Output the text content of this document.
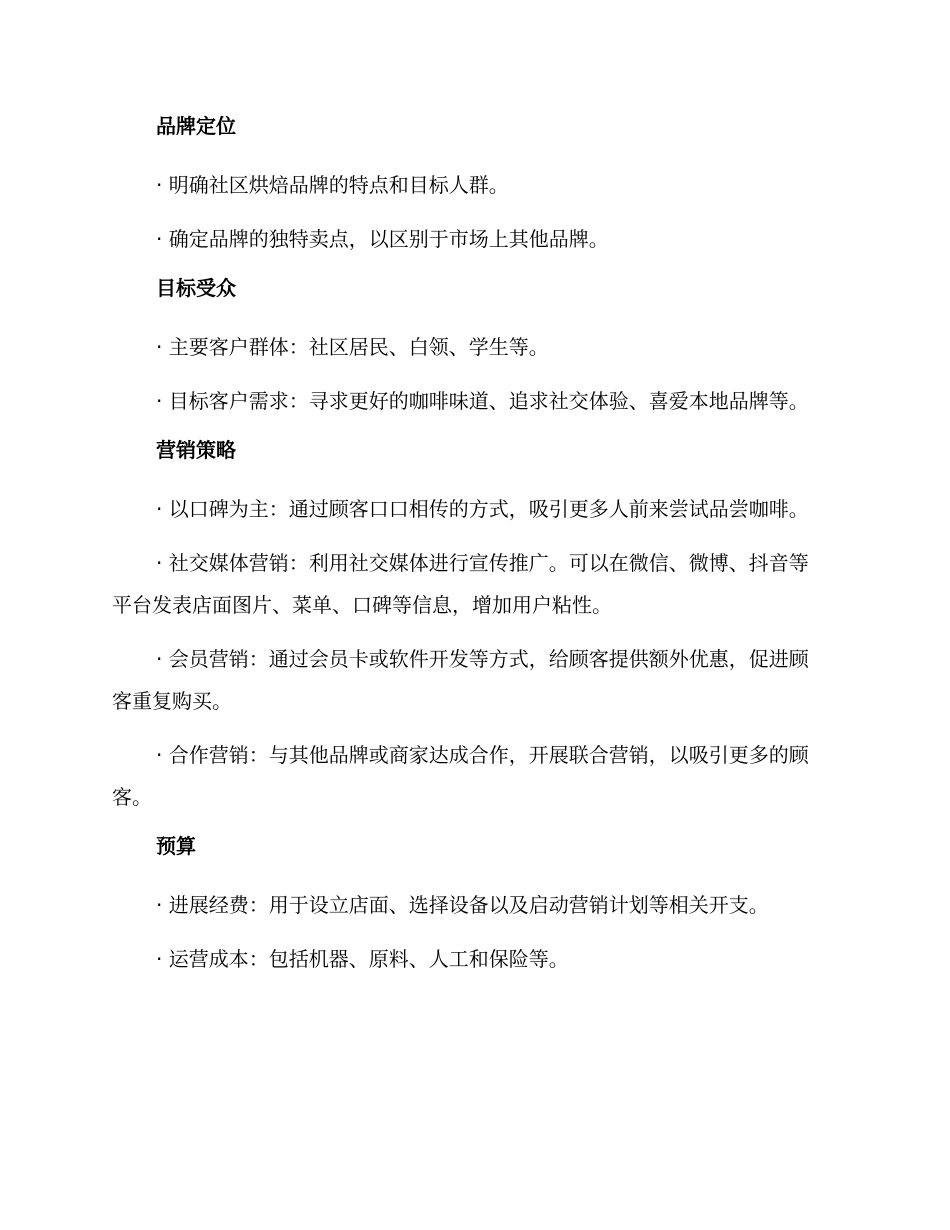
品牌定位

· 明确社区烘焙品牌的特点和目标人群。

· 确定品牌的独特卖点，以区别于市场上其他品牌。

目标受众

· 主要客户群体：社区居民、白领、学生等。

· 目标客户需求：寻求更好的咖啡味道、追求社交体验、喜爱本地品牌等。

营销策略

· 以口碑为主：通过顾客口口相传的方式，吸引更多人前来尝试品尝咖啡。

· 社交媒体营销：利用社交媒体进行宣传推广。可以在微信、微博、抖音等平台发表店面图片、菜单、口碑等信息，增加用户粘性。

· 会员营销：通过会员卡或软件开发等方式，给顾客提供额外优惠，促进顾客重复购买。

· 合作营销：与其他品牌或商家达成合作，开展联合营销，以吸引更多的顾客。

预算

· 进展经费：用于设立店面、选择设备以及启动营销计划等相关开支。

· 运营成本：包括机器、原料、人工和保险等。
